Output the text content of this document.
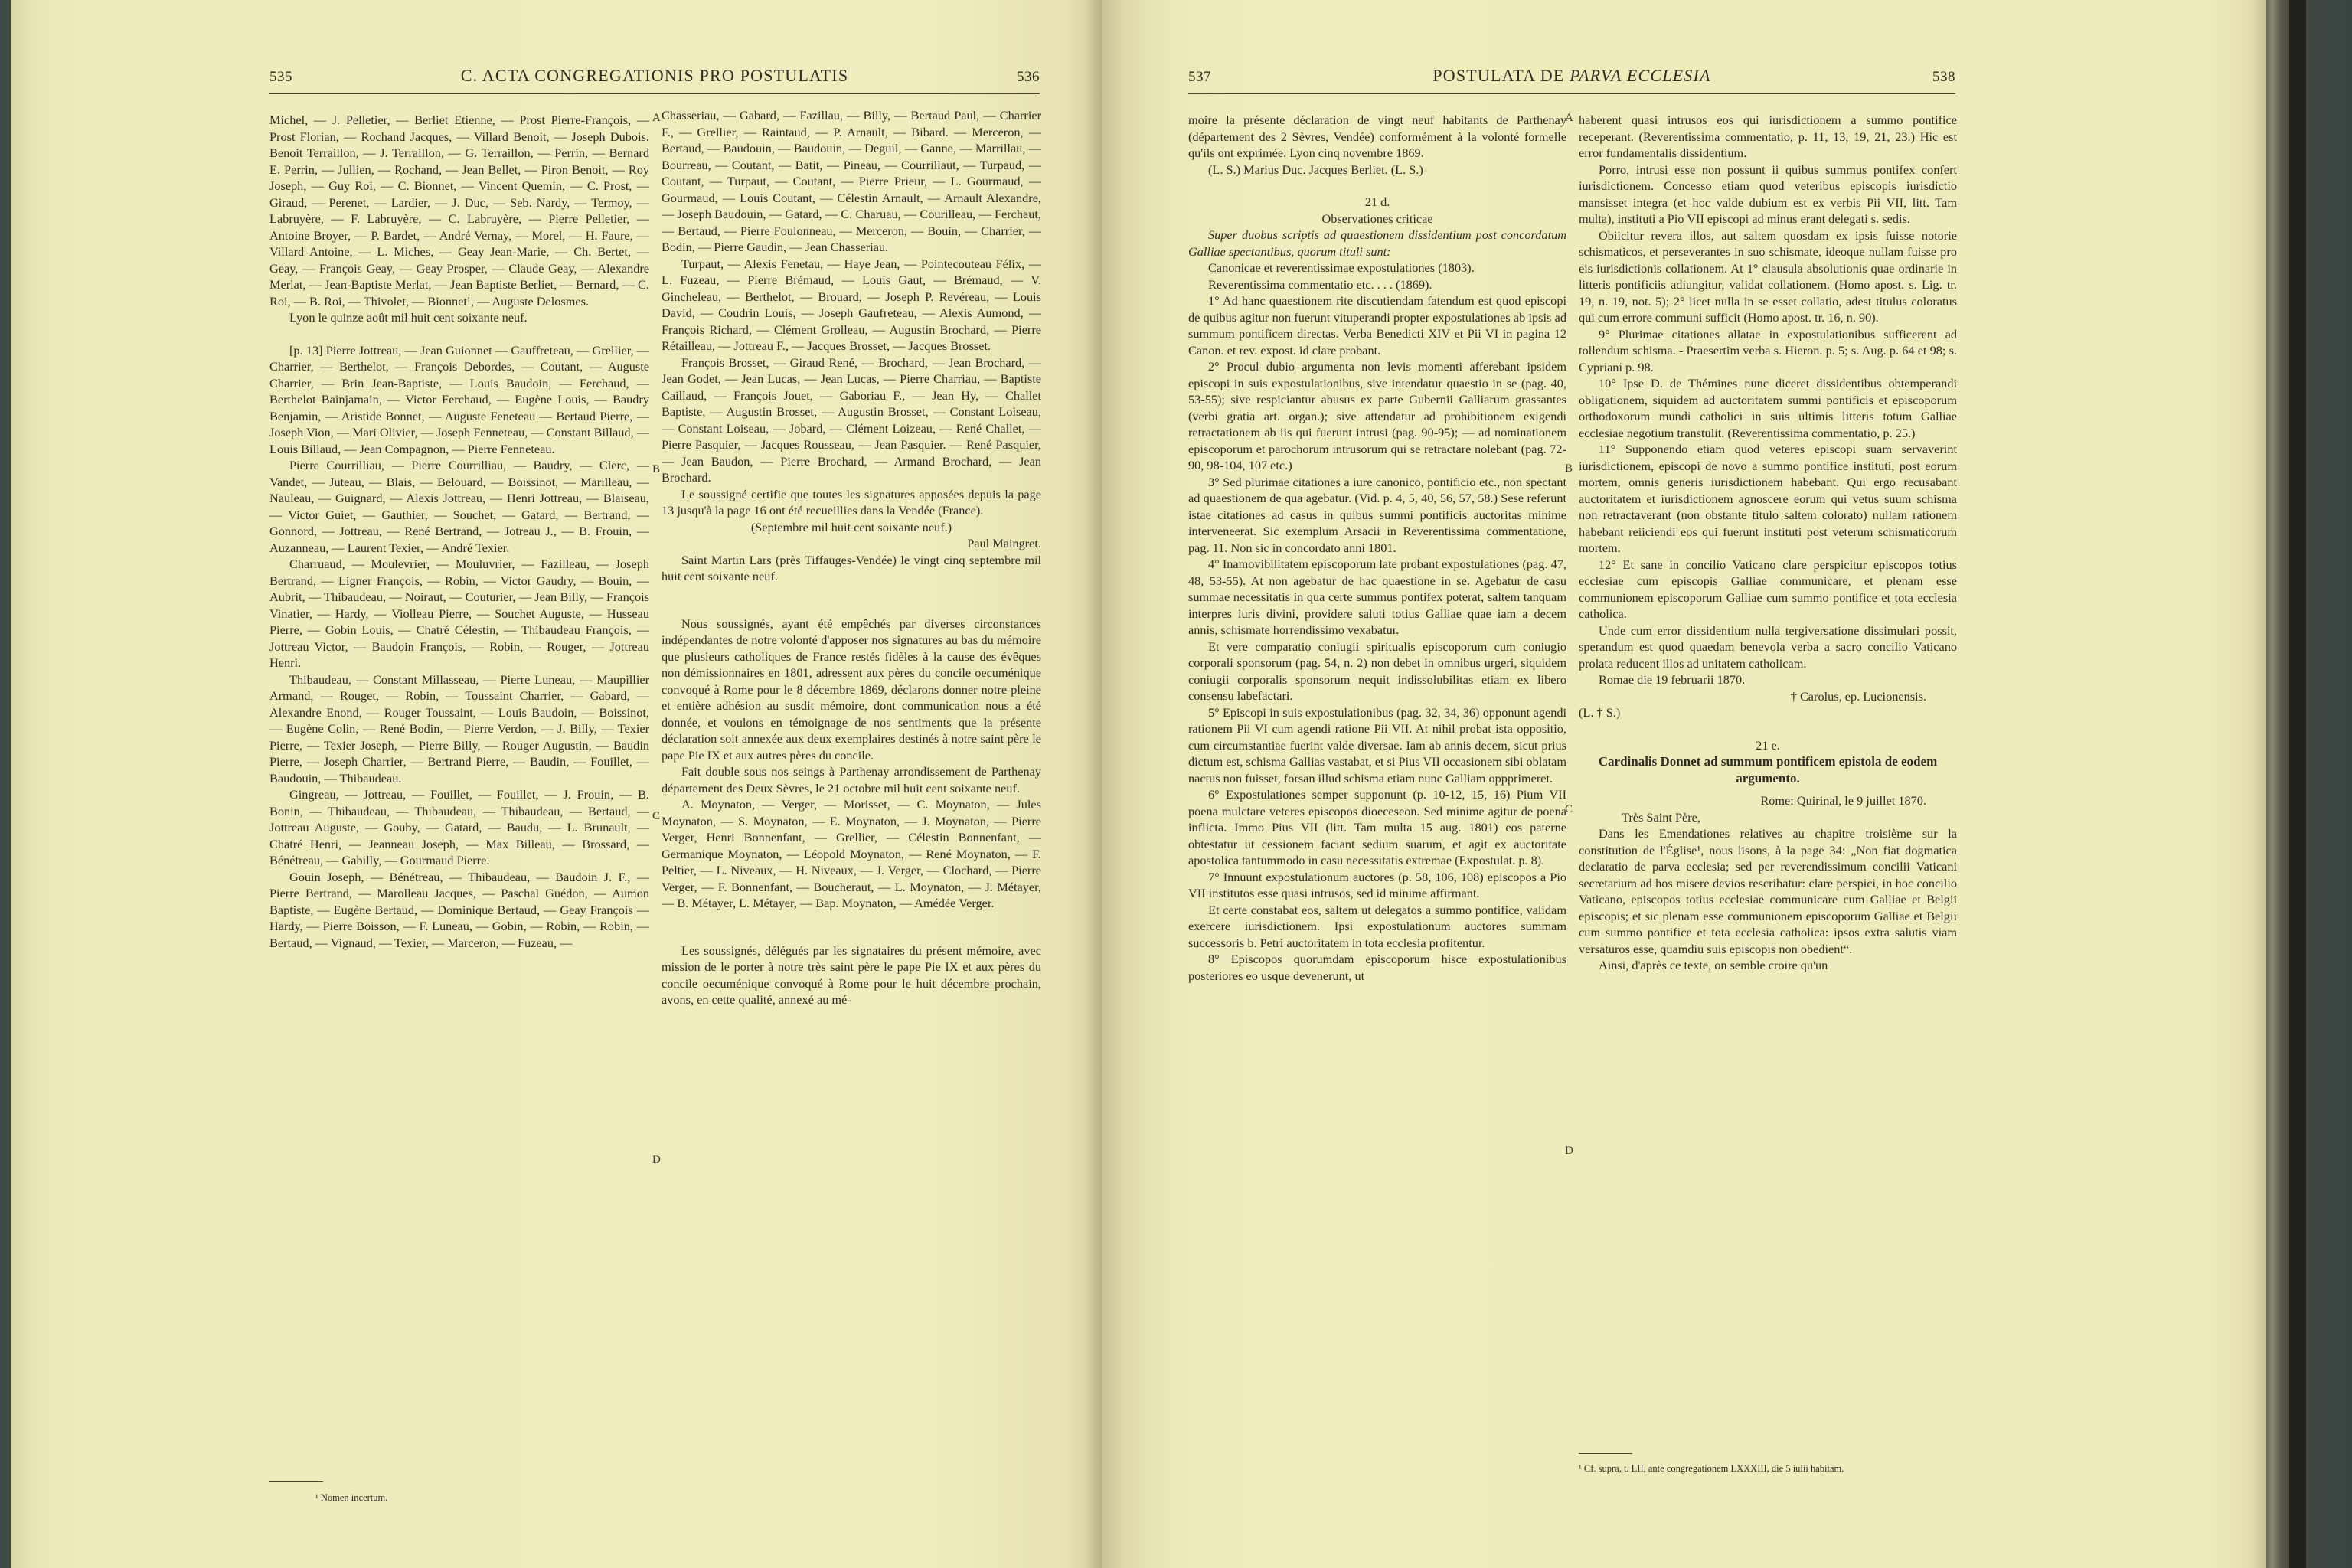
535	C. ACTA CONGREGATIONIS PRO POSTULATIS	536

Michel, — J. Pelletier, — Berliet Etienne, — Prost Pierre-François, — Prost Florian, — Rochand Jacques, — Villard Benoit, — Joseph Dubois. Benoit Terraillon, — J. Terraillon, — G. Terraillon, — Perrin, — Bernard E. Perrin, — Jullien, — Rochand, — Jean Bellet, — Piron Benoit, — Roy Joseph, — Guy Roi, — C. Bionnet, — Vincent Quemin, — C. Prost, — Giraud, — Perenet, — Lardier, — J. Duc, — Seb. Nardy, — Termoy, — Labruyère, — F. Labruyère, — C. Labruyère, — Pierre Pelletier, — Antoine Broyer, — P. Bardet, — André Vernay, — Morel, — H. Faure, — Villard Antoine, — L. Miches, — Geay Jean-Marie, — Ch. Bertet, — Geay, — François Geay, — Geay Prosper, — Claude Geay, — Alexandre Merlat, — Jean-Baptiste Merlat, — Jean Baptiste Berliet, — Bernard, — C. Roi, — B. Roi, — Thivolet, — Bionnet¹, — Auguste Delosmes.

Lyon le quinze août mil huit cent soixante neuf.

[p. 13] Pierre Jottreau, — Jean Guionnet — Gauffreteau, — Grellier, — Charrier, — Berthelot, — François Debordes, — Coutant, — Auguste Charrier, — Brin Jean-Baptiste, — Louis Baudoin, — Ferchaud, — Berthelot Bainjamain, — Victor Ferchaud, — Eugène Louis, — Baudry Benjamin, — Aristide Bonnet, — Auguste Feneteau — Bertaud Pierre, — Joseph Vion, — Mari Olivier, — Joseph Fenneteau, — Constant Billaud, — Louis Billaud, — Jean Compagnon, — Pierre Fenneteau.

Pierre Courrilliau, — Pierre Courrilliau, — Baudry, — Clerc, — Vandet, — Juteau, — Blais, — Belouard, — Boissinot, — Marilleau, — Nauleau, — Guignard, — Alexis Jottreau, — Henri Jottreau, — Blaiseau, — Victor Guiet, — Gauthier, — Souchet, — Gatard, — Bertrand, — Gonnord, — Jottreau, — René Bertrand, — Jotreau J., — B. Frouin, — Auzanneau, — Laurent Texier, — André Texier.

Charruaud, — Moulevrier, — Mouluvrier, — Fazilleau, — Joseph Bertrand, — Ligner François, — Robin, — Victor Gaudry, — Bouin, — Aubrit, — Thibaudeau, — Noiraut, — Couturier, — Jean Billy, — François Vinatier, — Hardy, — Violleau Pierre, — Souchet Auguste, — Husseau Pierre, — Gobin Louis, — Chatré Célestin, — Thibaudeau François, — Jottreau Victor, — Baudoin François, — Robin, — Rouger, — Jottreau Henri.

Thibaudeau, — Constant Millasseau, — Pierre Luneau, — Maupillier Armand, — Rouget, — Robin, — Toussaint Charrier, — Gabard, — Alexandre Enond, — Rouger Toussaint, — Louis Baudoin, — Boissinot, — Eugène Colin, — René Bodin, — Pierre Verdon, — J. Billy, — Texier Pierre, — Texier Joseph, — Pierre Billy, — Rouger Augustin, — Baudin Pierre, — Joseph Charrier, — Bertrand Pierre, — Baudin, — Fouillet, — Baudouin, — Thibaudeau.

Gingreau, — Jottreau, — Fouillet, — Fouillet, — J. Frouin, — B. Bonin, — Thibaudeau, — Thibaudeau, — Thibaudeau, — Bertaud, — Jottreau Auguste, — Gouby, — Gatard, — Baudu, — L. Brunault, — Chatré Henri, — Jeanneau Joseph, — Max Billeau, — Brossard, — Bénétreau, — Gabilly, — Gourmaud Pierre.

Gouin Joseph, — Bénétreau, — Thibaudeau, — Baudoin J. F., — Pierre Bertrand, — Marolleau Jacques, — Paschal Guédon, — Aumon Baptiste, — Eugène Bertaud, — Dominique Bertaud, — Geay François — Hardy, — Pierre Boisson, — F. Luneau, — Gobin, — Robin, — Robin, — Bertaud, — Vignaud, — Texier, — Marceron, — Fuzeau, —

Chasseriau, — Gabard, — Fazillau, — Billy, — Bertaud Paul, — Charrier F., — Grellier, — Raintaud, — P. Arnault, — Bibard. — Merceron, — Bertaud, — Baudouin, — Baudouin, — Deguil, — Ganne, — Marrillau, — Bourreau, — Coutant, — Batit, — Pineau, — Courrillaut, — Turpaud, — Coutant, — Turpaut, — Coutant, — Pierre Prieur, — L. Gourmaud, — Gourmaud, — Louis Coutant, — Célestin Arnault, — Arnault Alexandre, — Joseph Baudouin, — Gatard, — C. Charuau, — Courilleau, — Ferchaut, — Bertaud, — Pierre Foulonneau, — Merceron, — Bouin, — Charrier, — Bodin, — Pierre Gaudin, — Jean Chasseriau.

Turpaut, — Alexis Fenetau, — Haye Jean, — Pointecouteau Félix, — L. Fuzeau, — Pierre Brémaud, — Louis Gaut, — Brémaud, — V. Gincheleau, — Berthelot, — Brouard, — Joseph P. Revéreau, — Louis David, — Coudrin Louis, — Joseph Gaufreteau, — Alexis Aumond, — François Richard, — Clément Grolleau, — Augustin Brochard, — Pierre Rétailleau, — Jottreau F., — Jacques Brosset, — Jacques Brosset.

François Brosset, — Giraud René, — Brochard, — Jean Brochard, — Jean Godet, — Jean Lucas, — Jean Lucas, — Pierre Charriau, — Baptiste Caillaud, — François Jouet, — Gaboriau F., — Jean Hy, — Challet Baptiste, — Augustin Brosset, — Augustin Brosset, — Constant Loiseau, — Constant Loiseau, — Jobard, — Clément Loizeau, — René Challet, — Pierre Pasquier, — Jacques Rousseau, — Jean Pasquier. — René Pasquier, — Jean Baudon, — Pierre Brochard, — Armand Brochard, — Jean Brochard.

Le soussigné certifie que toutes les signatures apposées depuis la page 13 jusqu'à la page 16 ont été recueillies dans la Vendée (France).

(Septembre mil huit cent soixante neuf.)

Paul Maingret.

Saint Martin Lars (près Tiffauges-Vendée) le vingt cinq septembre mil huit cent soixante neuf.

Nous soussignés, ayant été empêchés par diverses circonstances indépendantes de notre volonté d'apposer nos signatures au bas du mémoire que plusieurs catholiques de France restés fidèles à la cause des évêques non démissionnaires en 1801, adressent aux pères du concile oecuménique convoqué à Rome pour le 8 décembre 1869, déclarons donner notre pleine et entière adhésion au susdit mémoire, dont communication nous a été donnée, et voulons en témoignage de nos sentiments que la présente déclaration soit annexée aux deux exemplaires destinés à notre saint père le pape Pie IX et aux autres pères du concile.

Fait double sous nos seings à Parthenay arrondissement de Parthenay département des Deux Sèvres, le 21 octobre mil huit cent soixante neuf.

A. Moynaton, — Verger, — Morisset, — C. Moynaton, — Jules Moynaton, — S. Moynaton, — E. Moynaton, — J. Moynaton, — Pierre Verger, Henri Bonnenfant, — Grellier, — Célestin Bonnenfant, — Germanique Moynaton, — Léopold Moynaton, — René Moynaton, — F. Peltier, — L. Niveaux, — H. Niveaux, — J. Verger, — Clochard, — Pierre Verger, — F. Bonnenfant, — Boucheraut, — L. Moynaton, — J. Métayer, — B. Métayer, L. Métayer, — Bap. Moynaton, — Amédée Verger.

Les soussignés, délégués par les signataires du présent mémoire, avec mission de le porter à notre très saint père le pape Pie IX et aux pères du concile oecuménique convoqué à Rome pour le huit décembre prochain, avons, en cette qualité, annexé au mé-

A
B
C
D
¹ Nomen incertum.
537	POSTULATA DE PARVA ECCLESIA	538

moire la présente déclaration de vingt neuf habitants de Parthenay (département des 2 Sèvres, Vendée) conformément à la volonté formelle qu'ils ont exprimée. Lyon cinq novembre 1869.

(L. S.) Marius Duc. Jacques Berliet. (L. S.)

21 d.

Observationes criticae

Super duobus scriptis ad quaestionem dissidentium post concordatum Galliae spectantibus, quorum tituli sunt:

Canonicae et reverentissimae expostulationes (1803).

Reverentissima commentatio etc. . . . (1869).

1° Ad hanc quaestionem rite discutiendam fatendum est quod episcopi de quibus agitur non fuerunt vituperandi propter expostulationes ab ipsis ad summum pontificem directas. Verba Benedicti XIV et Pii VI in pagina 12 Canon. et rev. expost. id clare probant.

2° Procul dubio argumenta non levis momenti afferebant ipsidem episcopi in suis expostulationibus, sive intendatur quaestio in se (pag. 40, 53-55); sive respiciantur abusus ex parte Gubernii Galliarum grassantes (verbi gratia art. organ.); sive attendatur ad prohibitionem exigendi retractationem ab iis qui fuerunt intrusi (pag. 90-95); — ad nominationem episcoporum et parochorum intrusorum qui se retractare nolebant (pag. 72-90, 98-104, 107 etc.)

3° Sed plurimae citationes a iure canonico, pontificio etc., non spectant ad quaestionem de qua agebatur. (Vid. p. 4, 5, 40, 56, 57, 58.) Sese referunt istae citationes ad casus in quibus summi pontificis auctoritas minime interveneerat. Sic exemplum Arsacii in Reverentissima commentatione, pag. 11. Non sic in concordato anni 1801.

4° Inamovibilitatem episcoporum late probant expostulationes (pag. 47, 48, 53-55). At non agebatur de hac quaestione in se. Agebatur de casu summae necessitatis in qua certe summus pontifex poterat, saltem tanquam interpres iuris divini, providere saluti totius Galliae quae iam a decem annis, schismate horrendissimo vexabatur.

Et vere comparatio coniugii spiritualis episcoporum cum coniugio corporali sponsorum (pag. 54, n. 2) non debet in omnibus urgeri, siquidem coniugii corporalis sponsorum nequit indissolubilitas etiam ex libero consensu labefactari.

5° Episcopi in suis expostulationibus (pag. 32, 34, 36) opponunt agendi rationem Pii VI cum agendi ratione Pii VII. At nihil probat ista oppositio, cum circumstantiae fuerint valde diversae. Iam ab annis decem, sicut prius dictum est, schisma Gallias vastabat, et si Pius VII occasionem sibi oblatam nactus non fuisset, forsan illud schisma etiam nunc Galliam oppprimeret.

6° Expostulationes semper supponunt (p. 10-12, 15, 16) Pium VII poena mulctare veteres episcopos dioeceseon. Sed minime agitur de poena inflicta. Immo Pius VII (litt. Tam multa 15 aug. 1801) eos paterne obtestatur ut cessionem faciant sedium suarum, et agit ex auctoritate apostolica tantummodo in casu necessitatis extremae (Expostulat. p. 8).

7° Innuunt expostulationum auctores (p. 58, 106, 108) episcopos a Pio VII institutos esse quasi intrusos, sed id minime affirmant.

Et certe constabat eos, saltem ut delegatos a summo pontifice, validam exercere iurisdictionem. Ipsi expostulationum auctores summam successoris b. Petri auctoritatem in tota ecclesia profitentur.

8° Episcopos quorumdam episcoporum hisce expostulationibus posteriores eo usque devenerunt, ut

haberent quasi intrusos eos qui iurisdictionem a summo pontifice receperant. (Reverentissima commentatio, p. 11, 13, 19, 21, 23.) Hic est error fundamentalis dissidentium.

Porro, intrusi esse non possunt ii quibus summus pontifex confert iurisdictionem. Concesso etiam quod veteribus episcopis iurisdictio mansisset integra (et hoc valde dubium est ex verbis Pii VII, litt. Tam multa), instituti a Pio VII episcopi ad minus erant delegati s. sedis.

Obiicitur revera illos, aut saltem quosdam ex ipsis fuisse notorie schismaticos, et perseverantes in suo schismate, ideoque nullam fuisse pro eis iurisdictionis collationem. At 1° clausula absolutionis quae ordinarie in litteris pontificiis adiungitur, validat collationem. (Homo apost. s. Lig. tr. 19, n. 19, not. 5); 2° licet nulla in se esset collatio, adest titulus coloratus qui cum errore communi sufficit (Homo apost. tr. 16, n. 90).

9° Plurimae citationes allatae in expostulationibus sufficerent ad tollendum schisma. - Praesertim verba s. Hieron. p. 5; s. Aug. p. 64 et 98; s. Cypriani p. 98.

10° Ipse D. de Thémines nunc diceret dissidentibus obtemperandi obligationem, siquidem ad auctoritatem summi pontificis et episcoporum orthodoxorum mundi catholici in suis ultimis litteris totum Galliae ecclesiae negotium transtulit. (Reverentissima commentatio, p. 25.)

11° Supponendo etiam quod veteres episcopi suam servaverint iurisdictionem, episcopi de novo a summo pontifice instituti, post eorum mortem, omnis generis iurisdictionem habebant. Qui ergo recusabant auctoritatem et iurisdictionem agnoscere eorum qui vetus suum schisma non retractaverant (non obstante titulo saltem colorato) nullam rationem habebant reiiciendi eos qui fuerunt instituti post veterum schismaticorum mortem.

12° Et sane in concilio Vaticano clare perspicitur episcopos totius ecclesiae cum episcopis Galliae communicare, et plenam esse communionem episcoporum Galliae cum summo pontifice et tota ecclesia catholica.

Unde cum error dissidentium nulla tergiversatione dissimulari possit, sperandum est quod quaedam benevola verba a sacro concilio Vaticano prolata reducent illos ad unitatem catholicam.

Romae die 19 februarii 1870.

† Carolus, ep. Lucionensis.

(L. † S.)

21 e.

Cardinalis Donnet ad summum pontificem epistola de eodem argumento.

Rome: Quirinal, le 9 juillet 1870.

Très Saint Père,

Dans les Emendationes relatives au chapitre troisième sur la constitution de l'Église¹, nous lisons, à la page 34: „Non fiat dogmatica declaratio de parva ecclesia; sed per reverendissimum concilii Vaticani secretarium ad hos misere devios rescribatur: clare perspici, in hoc concilio Vaticano, episcopos totius ecclesiae communicare cum Galliae et Belgii episcopis; et sic plenam esse communionem episcoporum Galliae et Belgii cum summo pontifice et tota ecclesia catholica: ipsos extra salutis viam versaturos esse, quamdiu suis episcopis non obedient“.

Ainsi, d'après ce texte, on semble croire qu'un

A
B
C
D
¹ Cf. supra, t. LII, ante congregationem LXXXIII, die 5 iulii habitam.
